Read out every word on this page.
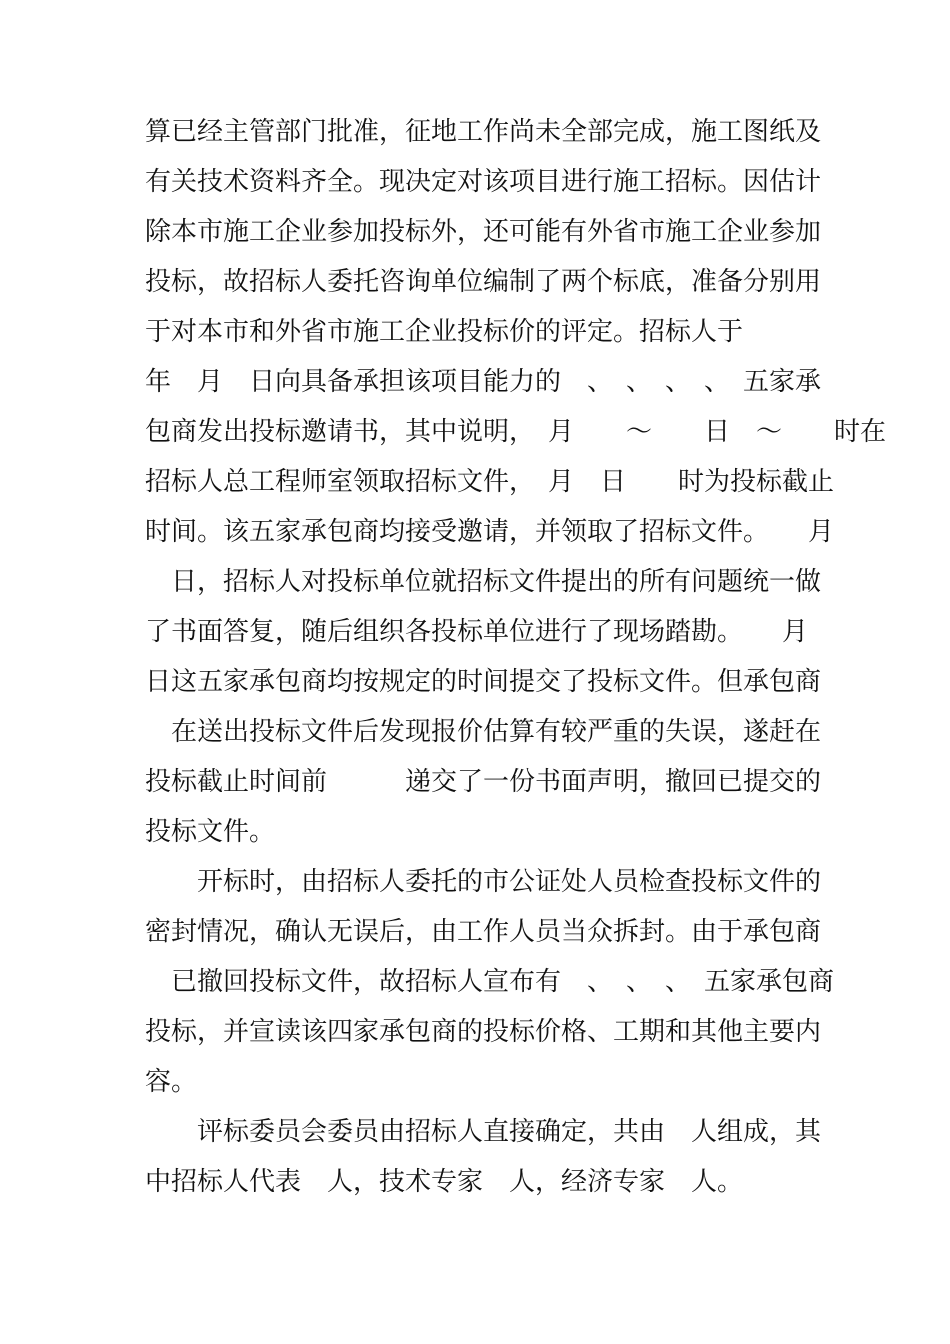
算已经主管部门批准，征地工作尚未全部完成，施工图纸及

有关技术资料齐全。现决定对该项目进行施工招标。因估计

除本市施工企业参加投标外，还可能有外省市施工企业参加

投标，故招标人委托咨询单位编制了两个标底，准备分别用

于对本市和外省市施工企业投标价的评定。招标人于

年　月　日向具备承担该项目能力的　、　、　、　、　五家承

包商发出投标邀请书，其中说明，　月　　～　　日　～　　时在

招标人总工程师室领取招标文件，　月　日　　时为投标截止

时间。该五家承包商均接受邀请，并领取了招标文件。　　月

　日，招标人对投标单位就招标文件提出的所有问题统一做

了书面答复，随后组织各投标单位进行了现场踏勘。　　月

日这五家承包商均按规定的时间提交了投标文件。但承包商

　在送出投标文件后发现报价估算有较严重的失误，遂赶在

投标截止时间前　　　递交了一份书面声明，撤回已提交的

投标文件。

　　开标时，由招标人委托的市公证处人员检查投标文件的

密封情况，确认无误后，由工作人员当众拆封。由于承包商

　已撤回投标文件，故招标人宣布有　、　、　、　五家承包商

投标，并宣读该四家承包商的投标价格、工期和其他主要内

容。

　　评标委员会委员由招标人直接确定，共由　人组成，其

中招标人代表　人，技术专家　人，经济专家　人。
